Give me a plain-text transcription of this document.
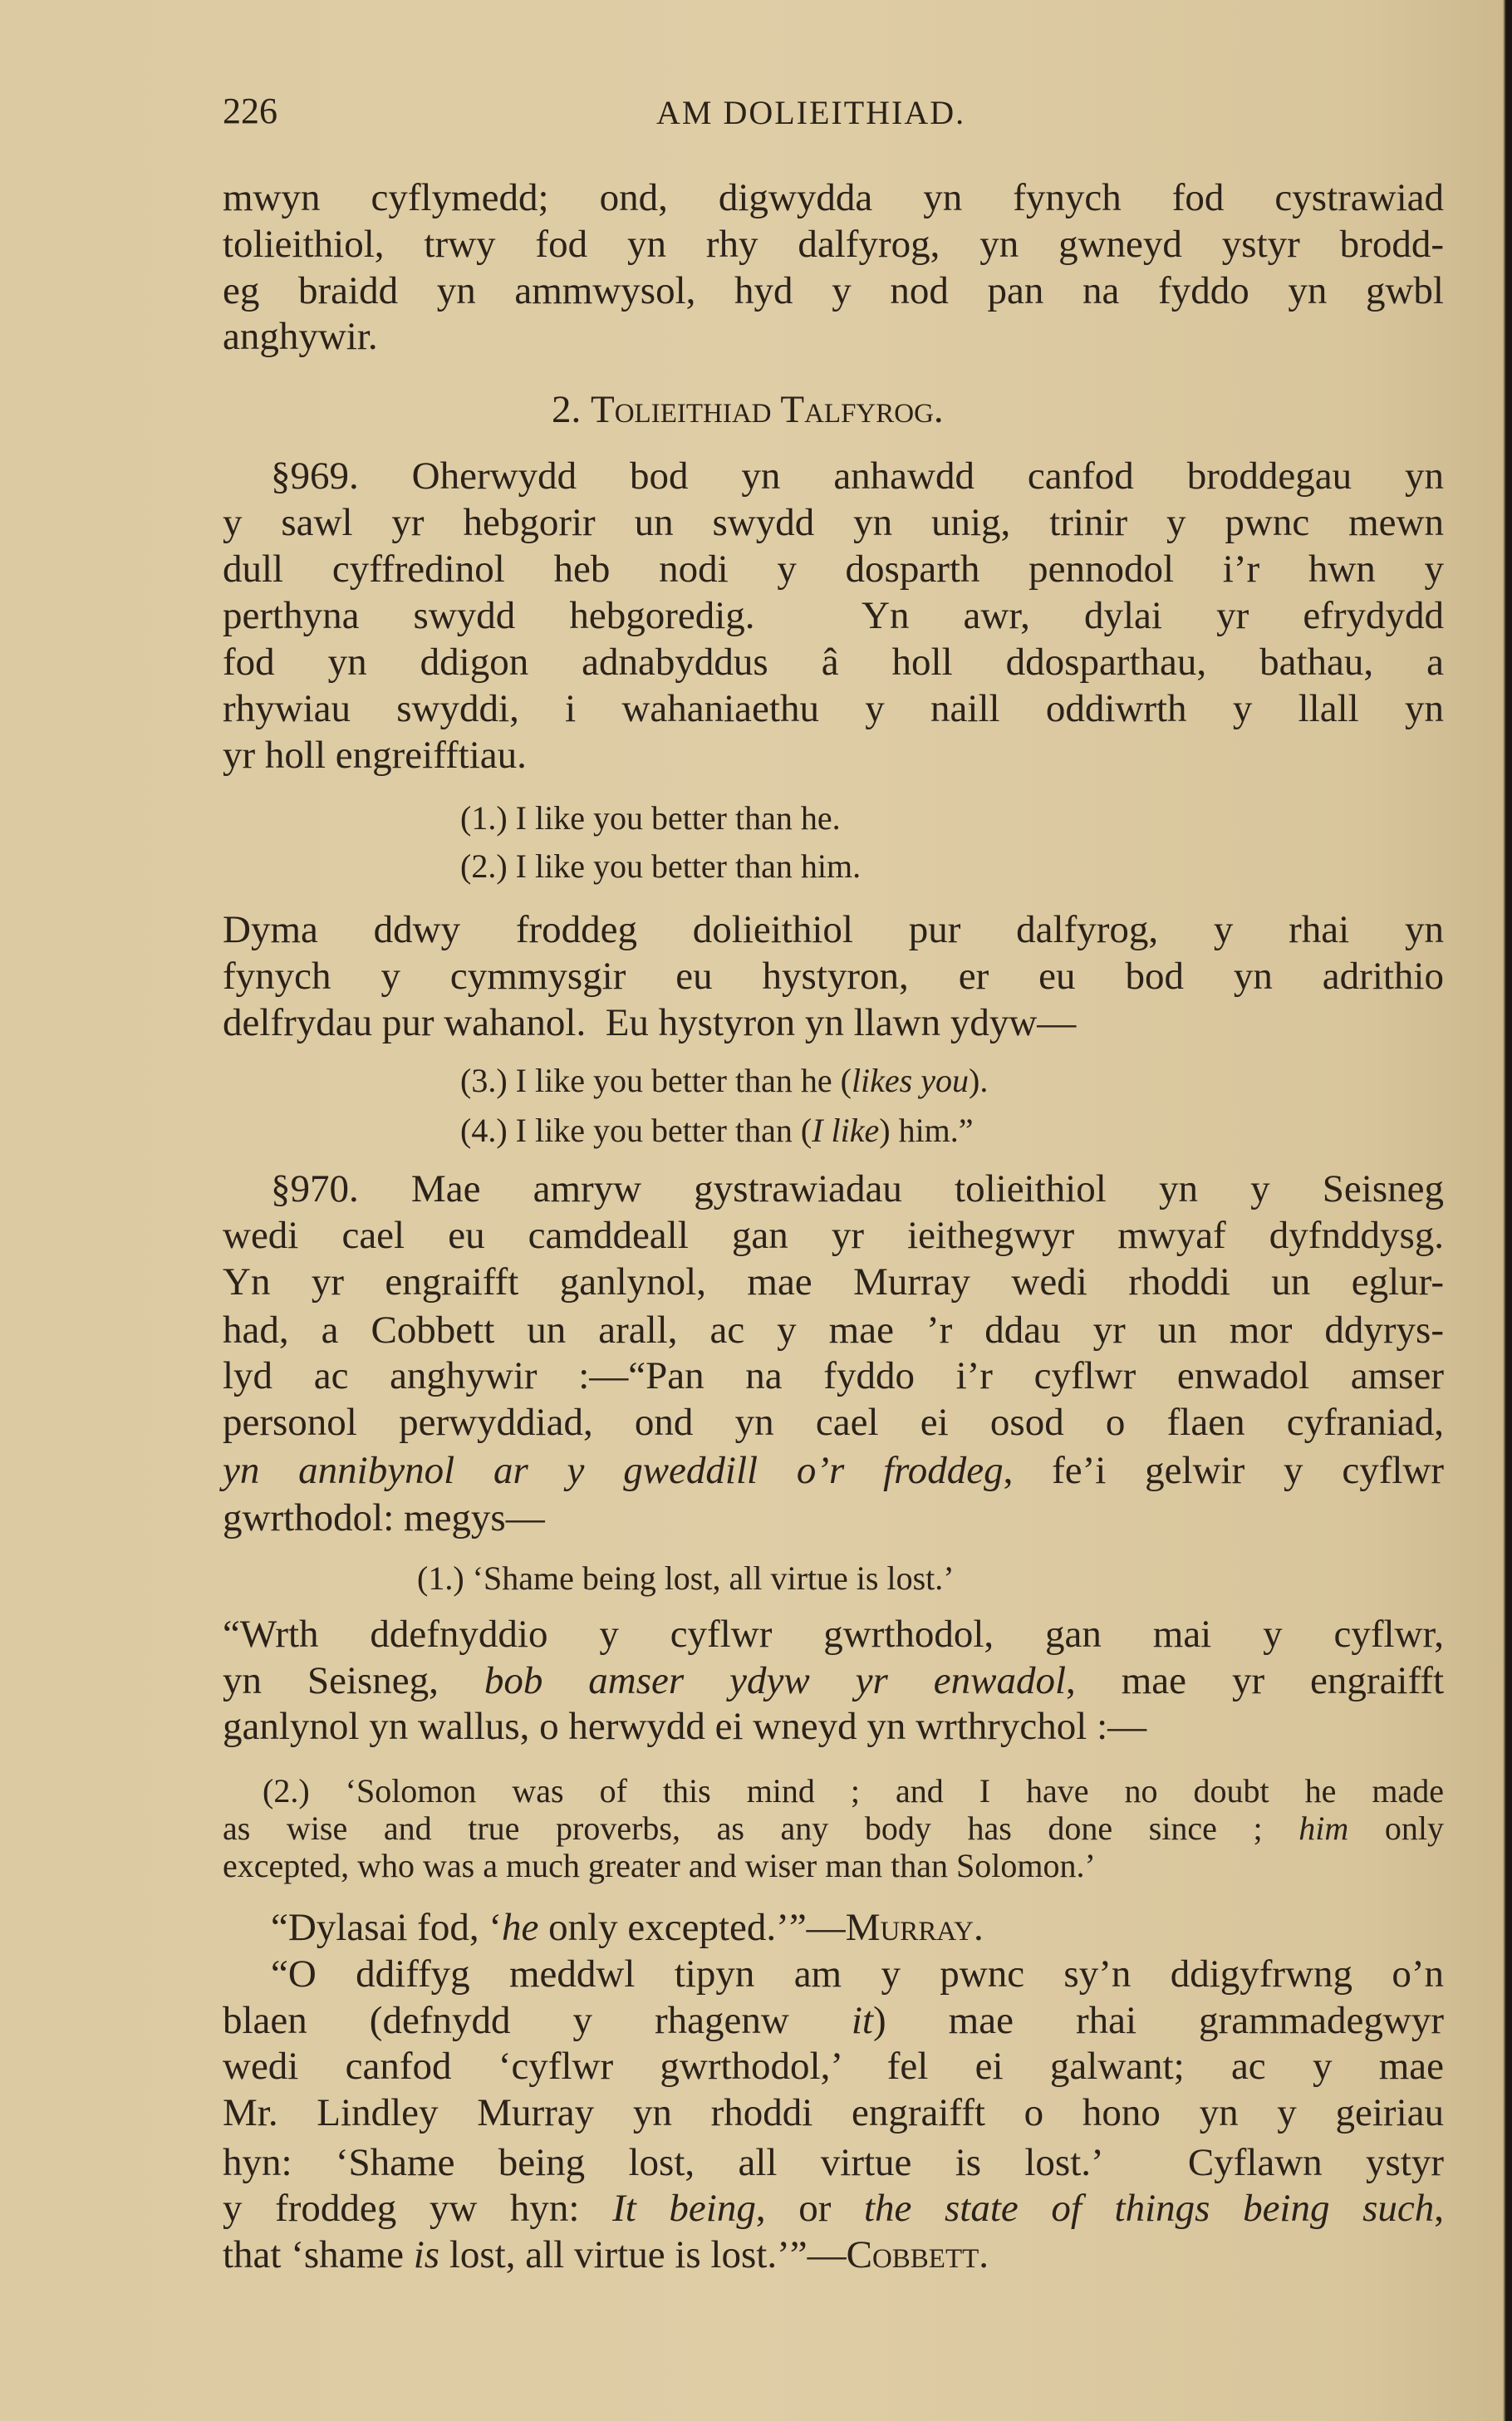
226	AM DOLIEITHIAD.
mwyn cyflymedd; ond, digwydda yn fynych fod cystrawiad
tolieithiol, trwy fod yn rhy dalfyrog, yn gwneyd ystyr brodd-
eg braidd yn ammwysol, hyd y nod pan na fyddo yn gwbl
anghywir.
2. Tolieithiad Talfyrog.
§969. Oherwydd bod yn anhawdd canfod broddegau yn
y sawl yr hebgorir un swydd yn unig, trinir y pwnc mewn
dull cyffredinol heb nodi y dosparth pennodol i’r hwn y
perthyna swydd hebgoredig.  Yn awr, dylai yr efrydydd
fod yn ddigon adnabyddus â holl ddosparthau, bathau, a
rhywiau swyddi, i wahaniaethu y naill oddiwrth y llall yn
yr holl engreifftiau.
(1.) I like you better than he.
(2.) I like you better than him.
Dyma ddwy froddeg dolieithiol pur dalfyrog, y rhai yn
fynych y cymmysgir eu hystyron, er eu bod yn adrithio
delfrydau pur wahanol.  Eu hystyron yn llawn ydyw—
(3.) I like you better than he (likes you).
(4.) I like you better than (I like) him.”
§970. Mae amryw gystrawiadau tolieithiol yn y Seisneg
wedi cael eu camddeall gan yr ieithegwyr mwyaf dyfnddysg.
Yn yr engraifft ganlynol, mae Murray wedi rhoddi un eglur-
had, a Cobbett un arall, ac y mae ’r ddau yr un mor ddyrys-
lyd ac anghywir :—“Pan na fyddo i’r cyflwr enwadol amser
personol perwyddiad, ond yn cael ei osod o flaen cyfraniad,
yn annibynol ar y gweddill o’r froddeg, fe’i gelwir y cyflwr
gwrthodol: megys—
(1.) ‘Shame being lost, all virtue is lost.’
“Wrth ddefnyddio y cyflwr gwrthodol, gan mai y cyflwr,
yn Seisneg, bob amser ydyw yr enwadol, mae yr engraifft
ganlynol yn wallus, o herwydd ei wneyd yn wrthrychol :—
(2.) ‘Solomon was of this mind ; and I have no doubt he made
as wise and true proverbs, as any body has done since ; him only
excepted, who was a much greater and wiser man than Solomon.’
“Dylasai fod, ‘he only excepted.’”—Murray.
“O ddiffyg meddwl tipyn am y pwnc sy’n ddigyfrwng o’n
blaen (defnydd y rhagenw it) mae rhai grammadegwyr
wedi canfod ‘cyflwr gwrthodol,’ fel ei galwant; ac y mae
Mr. Lindley Murray yn rhoddi engraifft o hono yn y geiriau
hyn: ‘Shame being lost, all virtue is lost.’  Cyflawn ystyr
y froddeg yw hyn: It being, or the state of things being such,
that ‘shame is lost, all virtue is lost.’”—Cobbett.
